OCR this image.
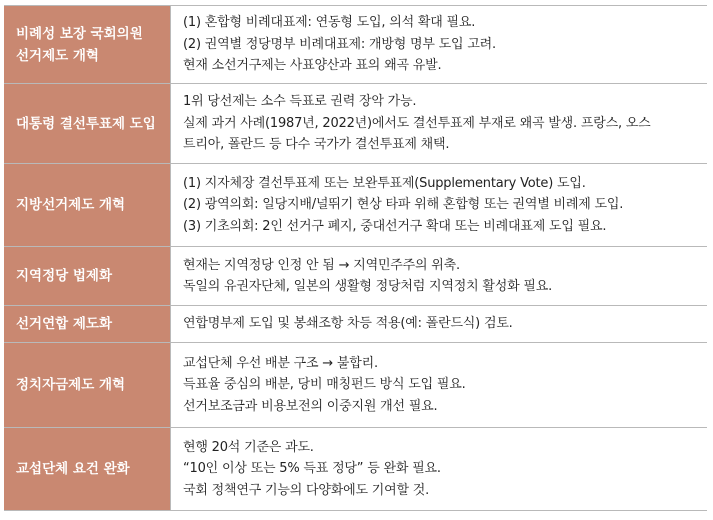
비례성 보장 국회의원
선거제도 개혁
(1) 혼합형 비례대표제: 연동형 도입, 의석 확대 필요.
(2) 권역별 정당명부 비례대표제: 개방형 명부 도입 고려.
현재 소선거구제는 사표양산과 표의 왜곡 유발.
대통령 결선투표제 도입
1위 당선제는 소수 득표로 권력 장악 가능.
실제 과거 사례(1987년, 2022년)에서도 결선투표제 부재로 왜곡 발생. 프랑스, 오스
트리아, 폴란드 등 다수 국가가 결선투표제 채택.
지방선거제도 개혁
(1) 지자체장 결선투표제 또는 보완투표제(Supplementary Vote) 도입.
(2) 광역의회: 일당지배/널뛰기 현상 타파 위해 혼합형 또는 권역별 비례제 도입.
(3) 기초의회: 2인 선거구 폐지, 중대선거구 확대 또는 비례대표제 도입 필요.
지역정당 법제화
현재는 지역정당 인정 안 됨 → 지역민주주의 위축.
독일의 유권자단체, 일본의 생활형 정당처럼 지역정치 활성화 필요.
선거연합 제도화	연합명부제 도입 및 봉쇄조항 차등 적용(예: 폴란드식) 검토.
정치자금제도 개혁
교섭단체 우선 배분 구조 → 불합리.
득표율 중심의 배분, 당비 매칭펀드 방식 도입 필요.
선거보조금과 비용보전의 이중지원 개선 필요.
교섭단체 요건 완화
현행 20석 기준은 과도.
“10인 이상 또는 5% 득표 정당” 등 완화 필요.
국회 정책연구 기능의 다양화에도 기여할 것.
